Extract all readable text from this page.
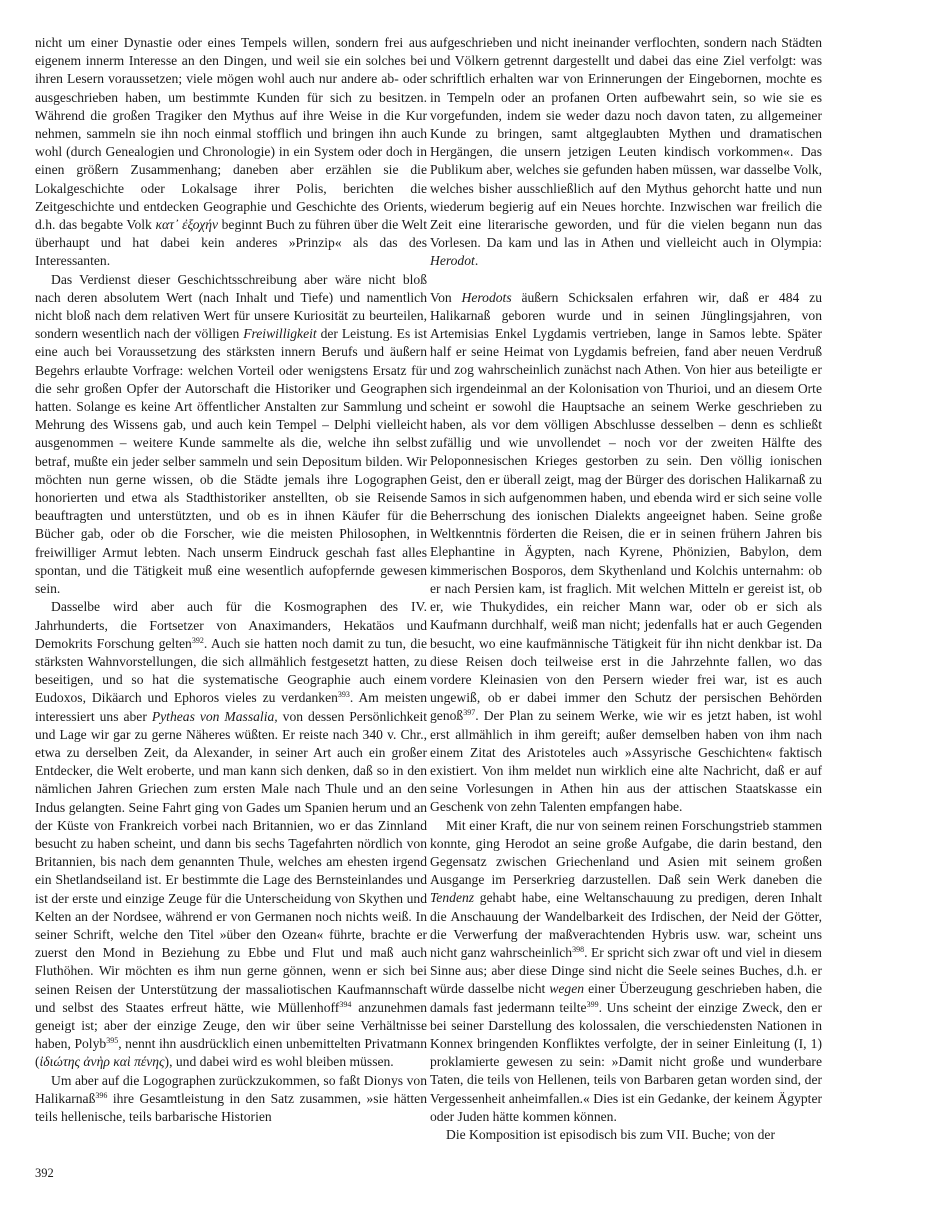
nicht um einer Dynastie oder eines Tempels willen, sondern frei aus eigenem innerm Interesse an den Dingen, und weil sie ein solches bei ihren Lesern voraussetzen; viele mögen wohl auch nur andere ab- oder ausgeschrieben haben, um bestimmte Kunden für sich zu besitzen. Während die großen Tragiker den Mythus auf ihre Weise in die Kur nehmen, sammeln sie ihn noch einmal stofflich und bringen ihn auch wohl (durch Genealogien und Chronologie) in ein System oder doch in einen größern Zusammenhang; daneben aber erzählen sie die Lokalgeschichte oder Lokalsage ihrer Polis, berichten die Zeitgeschichte und entdecken Geographie und Geschichte des Orients, d.h. das begabte Volk κατ᾽ ἐξοχήν beginnt Buch zu führen über die Welt überhaupt und hat dabei kein anderes »Prinzip« als das des Interessanten.

Das Verdienst dieser Geschichtsschreibung aber wäre nicht bloß nach deren absolutem Wert (nach Inhalt und Tiefe) und namentlich nicht bloß nach dem relativen Wert für unsere Kuriosität zu beurteilen, sondern wesentlich nach der völligen Freiwilligkeit der Leistung. Es ist eine auch bei Voraussetzung des stärksten innern Berufs und äußern Begehrs erlaubte Vorfrage: welchen Vorteil oder wenigstens Ersatz für die sehr großen Opfer der Autorschaft die Historiker und Geographen hatten. Solange es keine Art öffentlicher Anstalten zur Sammlung und Mehrung des Wissens gab, und auch kein Tempel – Delphi vielleicht ausgenommen – weitere Kunde sammelte als die, welche ihn selbst betraf, mußte ein jeder selber sammeln und sein Depositum bilden. Wir möchten nun gerne wissen, ob die Städte jemals ihre Logographen honorierten und etwa als Stadthistoriker anstellten, ob sie Reisende beauftragten und unterstützten, und ob es in ihnen Käufer für die Bücher gab, oder ob die Forscher, wie die meisten Philosophen, in freiwilliger Armut lebten. Nach unserm Eindruck geschah fast alles spontan, und die Tätigkeit muß eine wesentlich aufopfernde gewesen sein.

Dasselbe wird aber auch für die Kosmographen des IV. Jahrhunderts, die Fortsetzer von Anaximanders, Hekatäos und Demokrits Forschung gelten$^{392}$. Auch sie hatten noch damit zu tun, die stärksten Wahnvorstellungen, die sich allmählich festgesetzt hatten, zu beseitigen, und so hat die systematische Geographie auch einem Eudoxos, Dikäarch und Ephoros vieles zu verdanken$^{393}$. Am meisten interessiert uns aber Pytheas von Massalia, von dessen Persönlichkeit und Lage wir gar zu gerne Näheres wüßten. Er reiste nach 340 v. Chr., etwa zu derselben Zeit, da Alexander, in seiner Art auch ein großer Entdecker, die Welt eroberte, und man kann sich denken, daß so in den nämlichen Jahren Griechen zum ersten Male nach Thule und an den Indus gelangten. Seine Fahrt ging von Gades um Spanien herum und an der Küste von Frankreich vorbei nach Britannien, wo er das Zinnland besucht zu haben scheint, und dann bis sechs Tagefahrten nördlich von Britannien, bis nach dem genannten Thule, welches am ehesten irgend ein Shetlandseiland ist. Er bestimmte die Lage des Bernsteinlandes und ist der erste und einzige Zeuge für die Unterscheidung von Skythen und Kelten an der Nordsee, während er von Germanen noch nichts weiß. In seiner Schrift, welche den Titel »über den Ozean« führte, brachte er zuerst den Mond in Beziehung zu Ebbe und Flut und maß auch Fluthöhen. Wir möchten es ihm nun gerne gönnen, wenn er sich bei seinen Reisen der Unterstützung der massaliotischen Kaufmannschaft und selbst des Staates erfreut hätte, wie Müllenhoff$^{394}$ anzunehmen geneigt ist; aber der einzige Zeuge, den wir über seine Verhältnisse haben, Polyb$^{395}$, nennt ihn ausdrücklich einen unbemittelten Privatmann (ἰδιώτης ἀνὴρ καὶ πένης), und dabei wird es wohl bleiben müssen.

Um aber auf die Logographen zurückzukommen, so faßt Dionys von Halikarnaß$^{396}$ ihre Gesamtleistung in den Satz zusammen, »sie hätten teils hellenische, teils barbarische Historien

aufgeschrieben und nicht ineinander verflochten, sondern nach Städten und Völkern getrennt dargestellt und dabei das eine Ziel verfolgt: was schriftlich erhalten war von Erinnerungen der Eingebornen, mochte es in Tempeln oder an profanen Orten aufbewahrt sein, so wie sie es vorgefunden, indem sie weder dazu noch davon taten, zu allgemeiner Kunde zu bringen, samt altgeglaubten Mythen und dramatischen Hergängen, die unsern jetzigen Leuten kindisch vorkommen«. Das Publikum aber, welches sie gefunden haben müssen, war dasselbe Volk, welches bisher ausschließlich auf den Mythus gehorcht hatte und nun wiederum begierig auf ein Neues horchte. Inzwischen war freilich die Zeit eine literarische geworden, und für die vielen begann nun das Vorlesen. Da kam und las in Athen und vielleicht auch in Olympia: Herodot.

Von Herodots äußern Schicksalen erfahren wir, daß er 484 zu Halikarnaß geboren wurde und in seinen Jünglingsjahren, von Artemisias Enkel Lygdamis vertrieben, lange in Samos lebte. Später half er seine Heimat von Lygdamis befreien, fand aber neuen Verdruß und zog wahrscheinlich zunächst nach Athen. Von hier aus beteiligte er sich irgendeinmal an der Kolonisation von Thurioi, und an diesem Orte scheint er sowohl die Hauptsache an seinem Werke geschrieben zu haben, als vor dem völligen Abschlusse desselben – denn es schließt zufällig und wie unvollendet – noch vor der zweiten Hälfte des Peloponnesischen Krieges gestorben zu sein. Den völlig ionischen Geist, den er überall zeigt, mag der Bürger des dorischen Halikarnaß zu Samos in sich aufgenommen haben, und ebenda wird er sich seine volle Beherrschung des ionischen Dialekts angeeignet haben. Seine große Weltkenntnis förderten die Reisen, die er in seinen frühern Jahren bis Elephantine in Ägypten, nach Kyrene, Phönizien, Babylon, dem kimmerischen Bosporos, dem Skythenland und Kolchis unternahm: ob er nach Persien kam, ist fraglich. Mit welchen Mitteln er gereist ist, ob er, wie Thukydides, ein reicher Mann war, oder ob er sich als Kaufmann durchhalf, weiß man nicht; jedenfalls hat er auch Gegenden besucht, wo eine kaufmännische Tätigkeit für ihn nicht denkbar ist. Da diese Reisen doch teilweise erst in die Jahrzehnte fallen, wo das vordere Kleinasien von den Persern wieder frei war, ist es auch ungewiß, ob er dabei immer den Schutz der persischen Behörden genoß$^{397}$. Der Plan zu seinem Werke, wie wir es jetzt haben, ist wohl erst allmählich in ihm gereift; außer demselben haben von ihm nach einem Zitat des Aristoteles auch »Assyrische Geschichten« faktisch existiert. Von ihm meldet nun wirklich eine alte Nachricht, daß er auf seine Vorlesungen in Athen hin aus der attischen Staatskasse ein Geschenk von zehn Talenten empfangen habe.

Mit einer Kraft, die nur von seinem reinen Forschungstrieb stammen konnte, ging Herodot an seine große Aufgabe, die darin bestand, den Gegensatz zwischen Griechenland und Asien mit seinem großen Ausgange im Perserkrieg darzustellen. Daß sein Werk daneben die Tendenz gehabt habe, eine Weltanschauung zu predigen, deren Inhalt die Anschauung der Wandelbarkeit des Irdischen, der Neid der Götter, die Verwerfung der maßverachtenden Hybris usw. war, scheint uns nicht ganz wahrscheinlich$^{398}$. Er spricht sich zwar oft und viel in diesem Sinne aus; aber diese Dinge sind nicht die Seele seines Buches, d.h. er würde dasselbe nicht wegen einer Überzeugung geschrieben haben, die damals fast jedermann teilte$^{399}$. Uns scheint der einzige Zweck, den er bei seiner Darstellung des kolossalen, die verschiedensten Nationen in Konnex bringenden Konfliktes verfolgte, der in seiner Einleitung (I, 1) proklamierte gewesen zu sein: »Damit nicht große und wunderbare Taten, die teils von Hellenen, teils von Barbaren getan worden sind, der Vergessenheit anheimfallen.« Dies ist ein Gedanke, der keinem Ägypter oder Juden hätte kommen können.

Die Komposition ist episodisch bis zum VII. Buche; von der

392
